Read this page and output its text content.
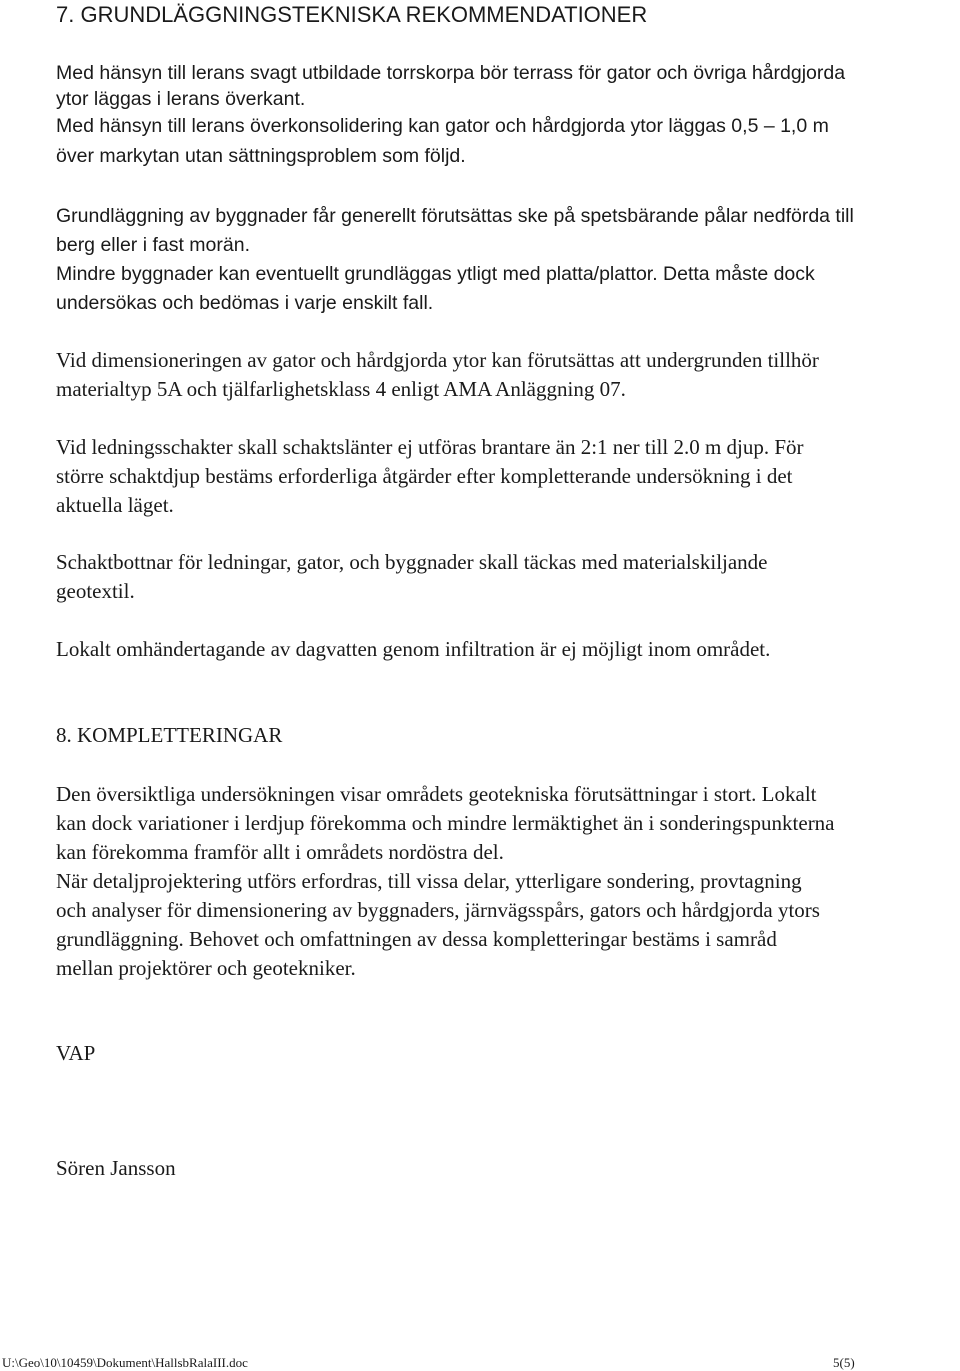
7. GRUNDLÄGGNINGSTEKNISKA REKOMMENDATIONER
Med hänsyn till lerans svagt utbildade torrskorpa bör terrass för gator och övriga hårdgjorda
ytor läggas i lerans överkant.
Med hänsyn till lerans överkonsolidering kan gator och hårdgjorda ytor läggas 0,5 – 1,0 m
över markytan utan sättningsproblem som följd.
Grundläggning av byggnader får generellt förutsättas ske på spetsbärande pålar nedförda till
berg eller i fast morän.
Mindre byggnader kan eventuellt grundläggas ytligt med platta/plattor. Detta måste dock
undersökas och bedömas i varje enskilt fall.
Vid dimensioneringen av gator och hårdgjorda ytor kan förutsättas att undergrunden tillhör
materialtyp 5A och tjälfarlighetsklass 4 enligt AMA Anläggning 07.
Vid ledningsschakter skall schaktslänter ej utföras brantare än 2:1 ner till 2.0 m djup. För
större schaktdjup bestäms erforderliga åtgärder efter kompletterande undersökning i det
aktuella läget.
Schaktbottnar för ledningar, gator, och byggnader skall täckas med materialskiljande
geotextil.
Lokalt omhändertagande av dagvatten genom infiltration är ej möjligt inom området.
8. KOMPLETTERINGAR
Den översiktliga undersökningen visar områdets geotekniska förutsättningar i stort. Lokalt
kan dock variationer i lerdjup förekomma och mindre lermäktighet än i sonderingspunkterna
kan förekomma framför allt i områdets nordöstra del.
När detaljprojektering utförs erfordras, till vissa delar, ytterligare sondering, provtagning
och analyser för dimensionering av byggnaders, järnvägsspårs, gators och hårdgjorda ytors
grundläggning. Behovet och omfattningen av dessa kompletteringar bestäms i samråd
mellan projektörer och geotekniker.
VAP
Sören Jansson
U:\Geo\10\10459\Dokument\HallsbRalaIII.doc	5(5)
